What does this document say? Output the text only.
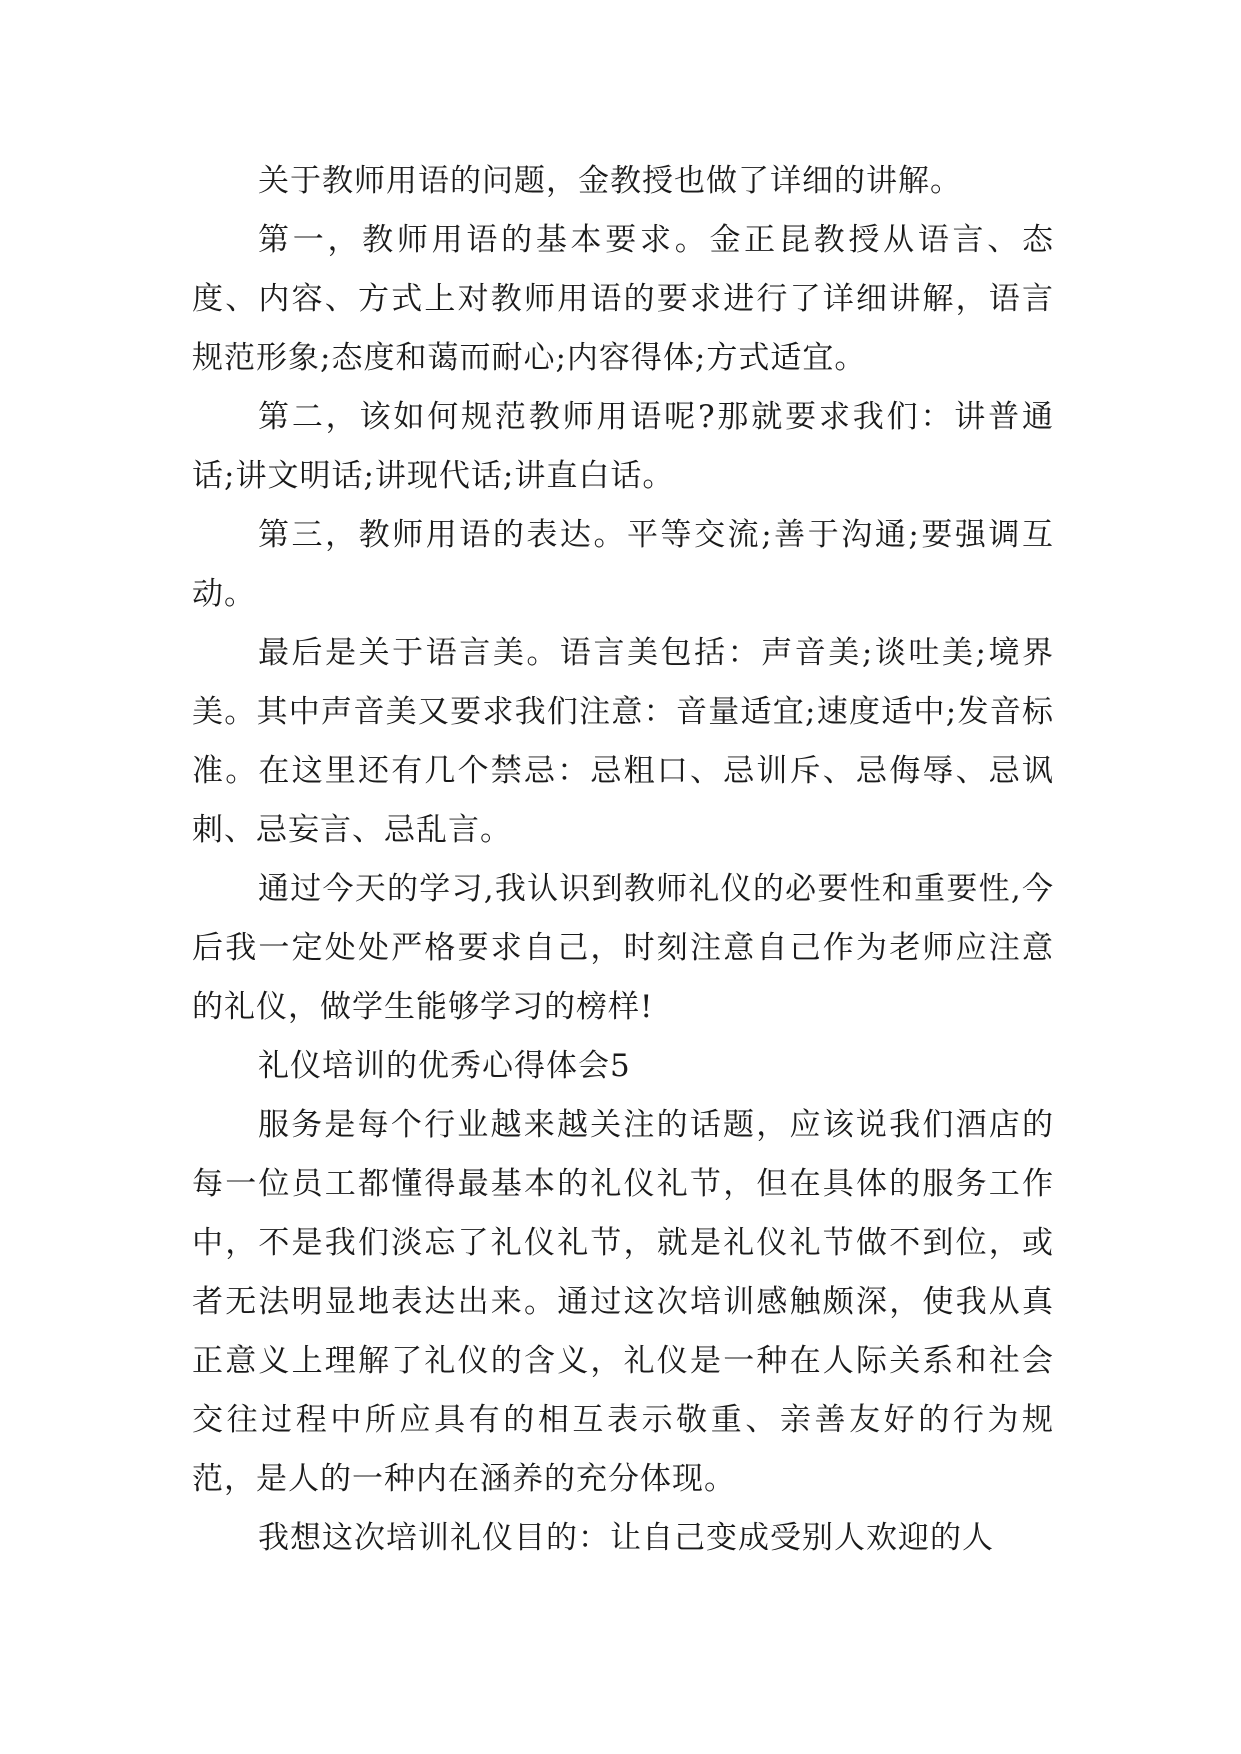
关于教师用语的问题，金教授也做了详细的讲解。

第一，教师用语的基本要求。金正昆教授从语言、态度、内容、方式上对教师用语的要求进行了详细讲解，语言规范形象;态度和蔼而耐心;内容得体;方式适宜。

第二，该如何规范教师用语呢?那就要求我们：讲普通话;讲文明话;讲现代话;讲直白话。

第三，教师用语的表达。平等交流;善于沟通;要强调互动。

最后是关于语言美。语言美包括：声音美;谈吐美;境界美。其中声音美又要求我们注意：音量适宜;速度适中;发音标准。在这里还有几个禁忌：忌粗口、忌训斥、忌侮辱、忌讽刺、忌妄言、忌乱言。

通过今天的学习,我认识到教师礼仪的必要性和重要性,今后我一定处处严格要求自己，时刻注意自己作为老师应注意的礼仪，做学生能够学习的榜样!

礼仪培训的优秀心得体会5

服务是每个行业越来越关注的话题，应该说我们酒店的每一位员工都懂得最基本的礼仪礼节，但在具体的服务工作中，不是我们淡忘了礼仪礼节，就是礼仪礼节做不到位，或者无法明显地表达出来。通过这次培训感触颇深，使我从真正意义上理解了礼仪的含义，礼仪是一种在人际关系和社会交往过程中所应具有的相互表示敬重、亲善友好的行为规范，是人的一种内在涵养的充分体现。

我想这次培训礼仪目的：让自己变成受别人欢迎的人
